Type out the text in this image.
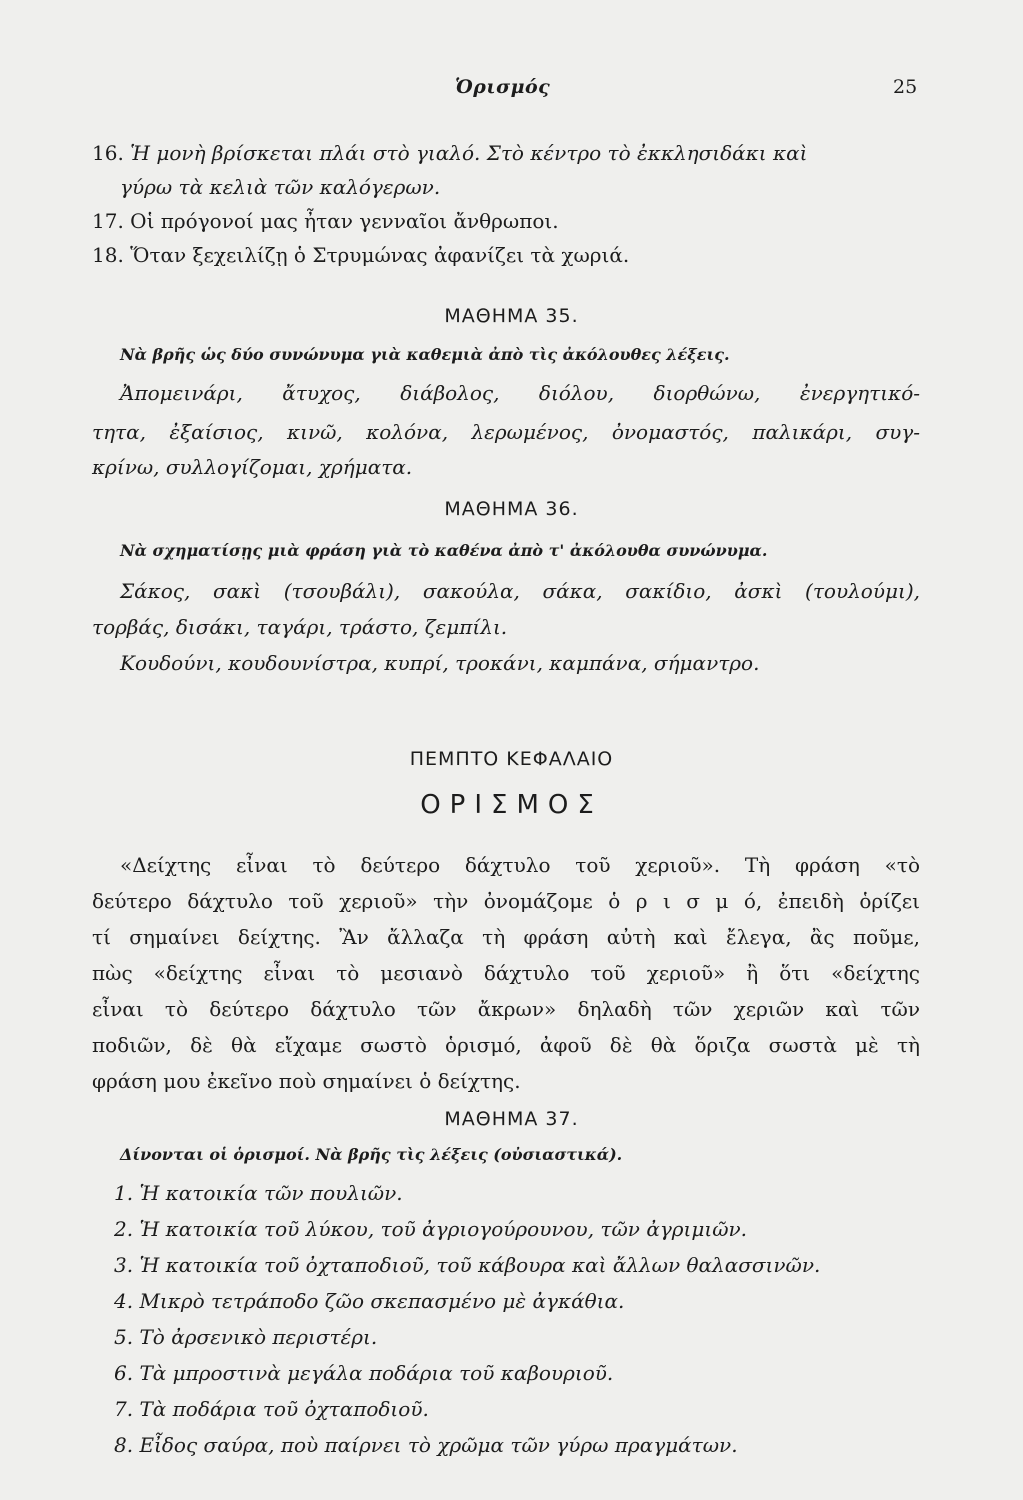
Ὁρισμός	25
16. Ἡ μονὴ βρίσκεται πλάι στὸ γιαλό. Στὸ κέντρο τὸ ἐκκλησιδάκι καὶ
γύρω τὰ κελιὰ τῶν καλόγερων.
17. Οἱ πρόγονοί μας ἦταν γενναῖοι ἄνθρωποι.
18. Ὅταν ξεχειλίζῃ ὁ Στρυμώνας ἀφανίζει τὰ χωριά.
ΜΑΘΗΜΑ 35.
Νὰ βρῆς ὡς δύο συνώνυμα γιὰ καθεμιὰ ἀπὸ τὶς ἀκόλουθες λέξεις.
Ἀπομεινάρι, ἄτυχος, διάβολος, διόλου, διορθώνω, ἐνεργητικό-
τητα, ἐξαίσιος, κινῶ, κολόνα, λερωμένος, ὀνομαστός, παλικάρι, συγ-
κρίνω, συλλογίζομαι, χρήματα.
ΜΑΘΗΜΑ 36.
Νὰ σχηματίσῃς μιὰ φράση γιὰ τὸ καθένα ἀπὸ τ' ἀκόλουθα συνώνυμα.
Σάκος, σακὶ (τσουβάλι), σακούλα, σάκα, σακίδιο, ἀσκὶ (τουλούμι),
τορβάς, δισάκι, ταγάρι, τράστο, ζεμπίλι.
Κουδούνι, κουδουνίστρα, κυπρί, τροκάνι, καμπάνα, σήμαντρο.
ΠΕΜΠΤΟ ΚΕΦΑΛΑΙΟ
ΟΡΙΣΜΟΣ
«Δείχτης εἶναι τὸ δεύτερο δάχτυλο τοῦ χεριοῦ». Τὴ φράση «τὸ
δεύτερο δάχτυλο τοῦ χεριοῦ» τὴν ὀνομάζομε ὁ ρ ι σ μ ό, ἐπειδὴ ὁρίζει
τί σημαίνει δείχτης. Ἂν ἄλλαζα τὴ φράση αὐτὴ καὶ ἔλεγα, ἂς ποῦμε,
πὼς «δείχτης εἶναι τὸ μεσιανὸ δάχτυλο τοῦ χεριοῦ» ἢ ὅτι «δείχτης
εἶναι τὸ δεύτερο δάχτυλο τῶν ἄκρων» δηλαδὴ τῶν χεριῶν καὶ τῶν
ποδιῶν, δὲ θὰ εἴχαμε σωστὸ ὁρισμό, ἀφοῦ δὲ θὰ ὅριζα σωστὰ μὲ τὴ
φράση μου ἐκεῖνο ποὺ σημαίνει ὁ δείχτης.
ΜΑΘΗΜΑ 37.
Δίνονται οἱ ὁρισμοί. Νὰ βρῆς τὶς λέξεις (οὐσιαστικά).
1. Ἡ κατοικία τῶν πουλιῶν.
2. Ἡ κατοικία τοῦ λύκου, τοῦ ἀγριογούρουνου, τῶν ἀγριμιῶν.
3. Ἡ κατοικία τοῦ ὀχταποδιοῦ, τοῦ κάβουρα καὶ ἄλλων θαλασσινῶν.
4. Μικρὸ τετράποδο ζῶο σκεπασμένο μὲ ἀγκάθια.
5. Τὸ ἀρσενικὸ περιστέρι.
6. Τὰ μπροστινὰ μεγάλα ποδάρια τοῦ καβουριοῦ.
7. Τὰ ποδάρια τοῦ ὀχταποδιοῦ.
8. Εἶδος σαύρα, ποὺ παίρνει τὸ χρῶμα τῶν γύρω πραγμάτων.
